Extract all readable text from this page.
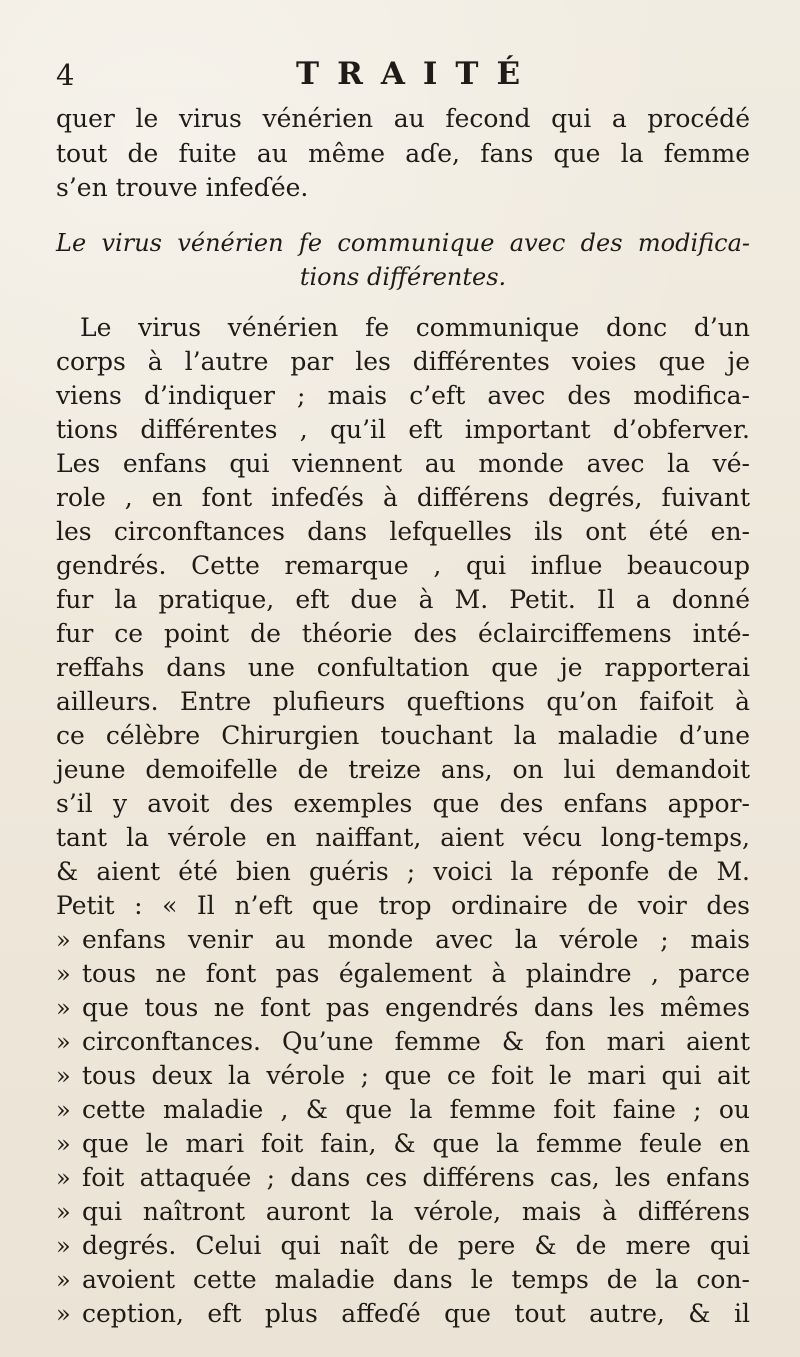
4	TRAITÉ
quer le virus vénérien au fecond qui a procédé
tout de fuite au même aɗe, fans que la femme
s’en trouve infeɗée.
Le virus vénérien fe communique avec des modifica-
tions différentes.
Le virus vénérien fe communique donc d’un
corps à l’autre par les différentes voies que je
viens d’indiquer ; mais c’eft avec des modifica-
tions différentes , qu’il eft important d’obferver.
Les enfans qui viennent au monde avec la vé-
role , en font infeɗés à différens degrés, fuivant
les circonftances dans lefquelles ils ont été en-
gendrés. Cette remarque , qui influe beaucoup
fur la pratique, eft due à M. Petit. Il a donné
fur ce point de théorie des éclairciffemens inté-
reffahs dans une confultation que je rapporterai
ailleurs. Entre plufieurs queftions qu’on faifoit à
ce célèbre Chirurgien touchant la maladie d’une
jeune demoifelle de treize ans, on lui demandoit
s’il y avoit des exemples que des enfans appor-
tant la vérole en naiffant, aient vécu long-temps,
& aient été bien guéris ; voici la réponfe de M.
Petit : « Il n’eft que trop ordinaire de voir des
» enfans venir au monde avec la vérole ; mais
» tous ne font pas également à plaindre , parce
» que tous ne font pas engendrés dans les mêmes
» circonftances. Qu’une femme & fon mari aient
» tous deux la vérole ; que ce foit le mari qui ait
» cette maladie , & que la femme foit faine ; ou
» que le mari foit fain, & que la femme feule en
» foit attaquée ; dans ces différens cas, les enfans
» qui naîtront auront la vérole, mais à différens
» degrés. Celui qui naît de pere & de mere qui
» avoient cette maladie dans le temps de la con-
» ception, eft plus affeɗé que tout autre, & il
